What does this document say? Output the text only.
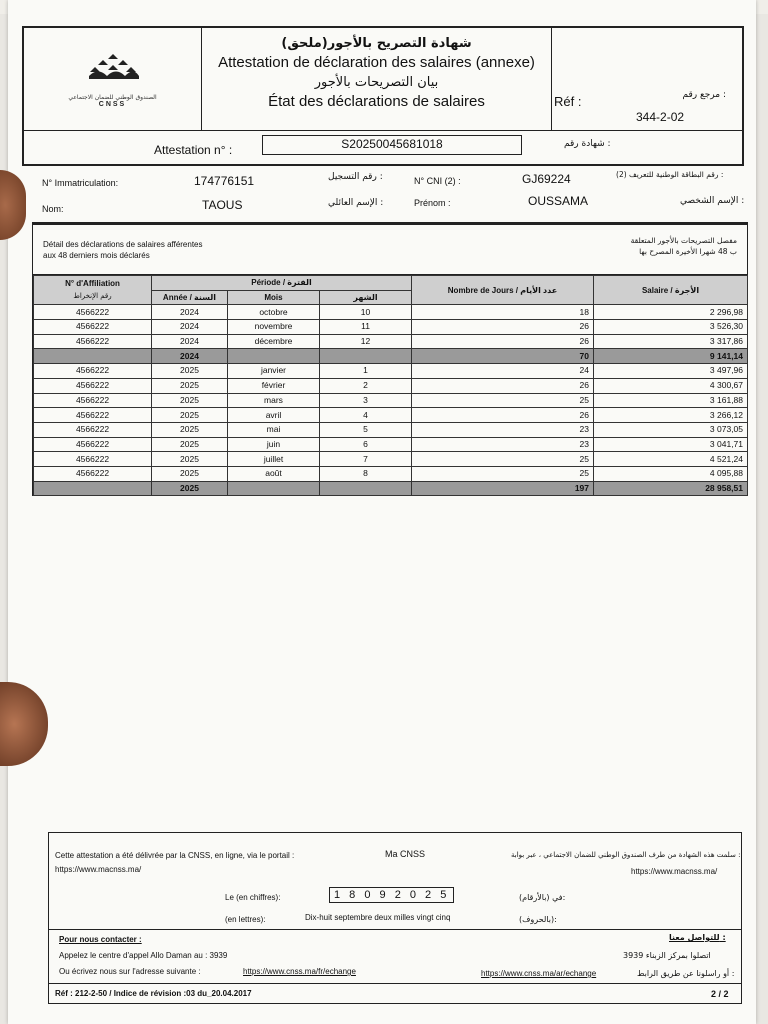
الصندوق الوطني للضمان الاجتماعي
CNSS
شهادة التصريح بالأجور(ملحق)
Attestation de déclaration des salaires (annexe)
بيان التصريحات بالأجور
État des déclarations de salaires	مرجع رقم :
Réf :
344-2-02
Attestation n° :	S20250045681018	شهادة رقم :
N° Immatriculation:	174776151	رقم التسجيل :	N° CNI (2) :	GJ69224	رقم البطاقة الوطنية للتعريف (2) :
Nom:	TAOUS	الإسم العائلي :	Prénom :	OUSSAMA	الإسم الشخصي :
Détail des déclarations de salaires afférentes
aux 48 derniers mois déclarés
مفصل التصريحات بالأجور المتعلقة
ب 48 شهرا الأخيرة المصرح بها
N° d'Affiliation
رقم الإنخراط	Période / الفترة			Nombre de Jours / عدد الأيام	Salaire / الأجرة
	Année / السنة	Mois	الشهر		
4566222	2024	octobre	10	18	2 296,98
4566222	2024	novembre	11	26	3 526,30
4566222	2024	décembre	12	26	3 317,86
	2024			70	9 141,14
4566222	2025	janvier	1	24	3 497,96
4566222	2025	février	2	26	4 300,67
4566222	2025	mars	3	25	3 161,88
4566222	2025	avril	4	26	3 266,12
4566222	2025	mai	5	23	3 073,05
4566222	2025	juin	6	23	3 041,71
4566222	2025	juillet	7	25	4 521,24
4566222	2025	août	8	25	4 095,88
	2025			197	28 958,51
Cette attestation a été délivrée par la CNSS, en ligne, via le portail :	Ma CNSS	سلمت هذه الشهادة من طرف الصندوق الوطني للضمان الاجتماعي ، عبر بوابة :
https://www.macnss.ma/	https://www.macnss.ma/
Le (en chiffres):	1 8 0 9 2 0 2 5	في (بالأرقام):
(en lettres):	Dix-huit septembre deux milles vingt cinq	(بالحروف):
Pour nous contacter :	للتواصل معنا :
Appelez le centre d'appel Allo Daman au : 3939	اتصلوا بمركز الزبناء 3939
Ou écrivez nous sur l'adresse suivante :	https://www.cnss.ma/fr/echange	https://www.cnss.ma/ar/echange	أو راسلونا عن طريق الرابط :
Réf : 212-2-50 / Indice de révision :03 du_20.04.2017	2 / 2
